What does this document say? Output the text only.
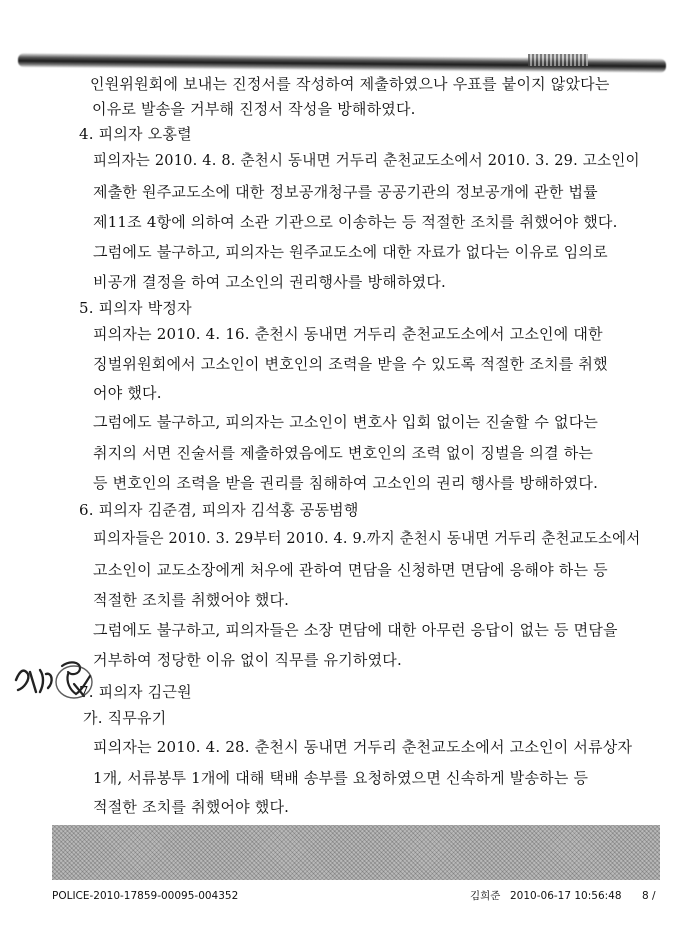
인원위원회에 보내는 진정서를 작성하여 제출하였으나 우표를 붙이지 않았다는
이유로 발송을 거부해 진정서 작성을 방해하였다.
4. 피의자 오홍렬
피의자는 2010. 4. 8. 춘천시 동내면 거두리 춘천교도소에서 2010. 3. 29. 고소인이
제출한 원주교도소에 대한 정보공개청구를 공공기관의 정보공개에 관한 법률
제11조 4항에 의하여 소관 기관으로 이송하는 등 적절한 조치를 취했어야 했다.
그럼에도 불구하고, 피의자는 원주교도소에 대한 자료가 없다는 이유로 임의로
비공개 결정을 하여 고소인의 권리행사를 방해하였다.
5. 피의자 박정자
피의자는 2010. 4. 16. 춘천시 동내면 거두리 춘천교도소에서 고소인에 대한
징벌위원회에서 고소인이 변호인의 조력을 받을 수 있도록 적절한 조치를 취했
어야 했다.
그럼에도 불구하고, 피의자는 고소인이 변호사 입회 없이는 진술할 수 없다는
취지의 서면 진술서를 제출하였음에도 변호인의 조력 없이 징벌을 의결 하는
등 변호인의 조력을 받을 권리를 침해하여 고소인의 권리 행사를 방해하였다.
6. 피의자 김준겸, 피의자 김석홍 공동범행
피의자들은 2010. 3. 29부터 2010. 4. 9.까지 춘천시 동내면 거두리 춘천교도소에서
고소인이 교도소장에게 처우에 관하여 면담을 신청하면 면담에 응해야 하는 등
적절한 조치를 취했어야 했다.
그럼에도 불구하고, 피의자들은 소장 면담에 대한 아무런 응답이 없는 등 면담을
거부하여 정당한 이유 없이 직무를 유기하였다.
7. 피의자 김근원
가. 직무유기
피의자는 2010. 4. 28. 춘천시 동내면 거두리 춘천교도소에서 고소인이 서류상자
1개, 서류봉투 1개에 대해 택배 송부를 요청하였으면 신속하게 발송하는 등
적절한 조치를 취했어야 했다.
POLICE-2010-17859-00095-004352	김희준 2010-06-17 10:56:48 8 /
